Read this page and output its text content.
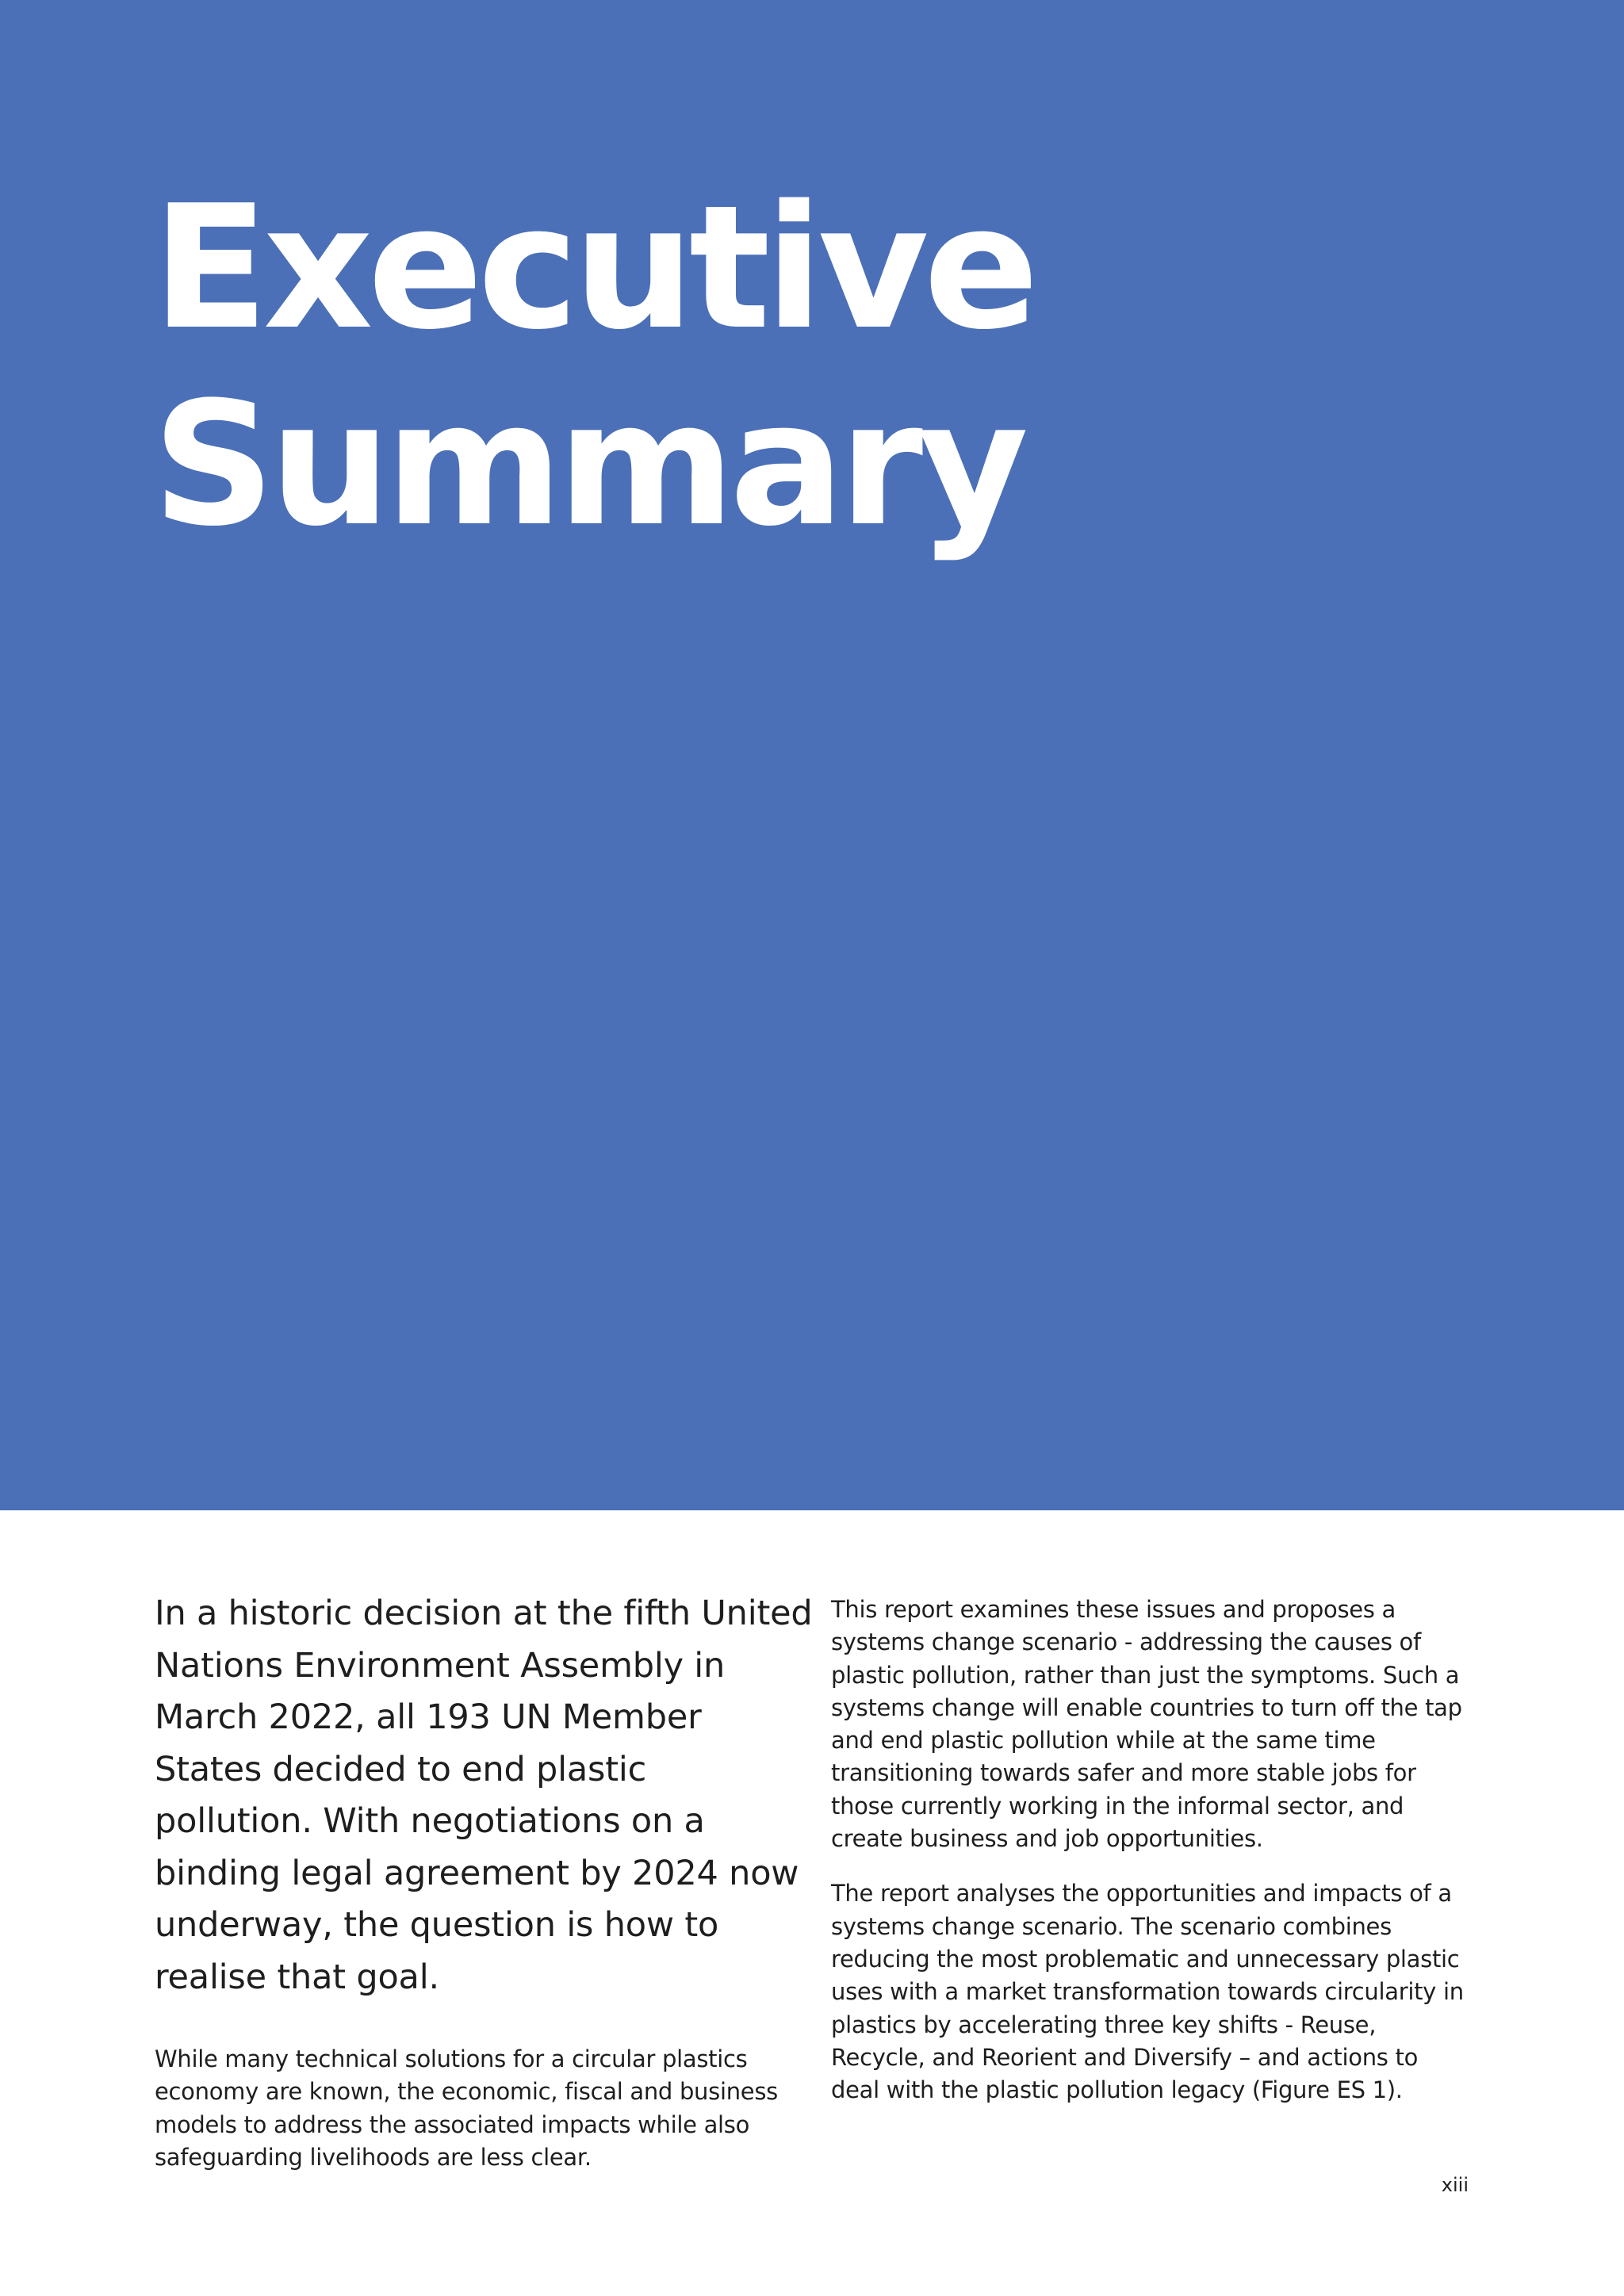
Executive
Summary

In a historic decision at the fifth United Nations Environment Assembly in March 2022, all 193 UN Member States decided to end plastic pollution. With negotiations on a binding legal agreement by 2024 now underway, the question is how to realise that goal.

While many technical solutions for a circular plastics economy are known, the economic, fiscal and business models to address the associated impacts while also safeguarding livelihoods are less clear.

This report examines these issues and proposes a systems change scenario - addressing the causes of plastic pollution, rather than just the symptoms. Such a systems change will enable countries to turn off the tap and end plastic pollution while at the same time transitioning towards safer and more stable jobs for those currently working in the informal sector, and create business and job opportunities.

The report analyses the opportunities and impacts of a systems change scenario. The scenario combines reducing the most problematic and unnecessary plastic uses with a market transformation towards circularity in plastics by accelerating three key shifts - Reuse, Recycle, and Reorient and Diversify – and actions to deal with the plastic pollution legacy (Figure ES 1).

xiii
